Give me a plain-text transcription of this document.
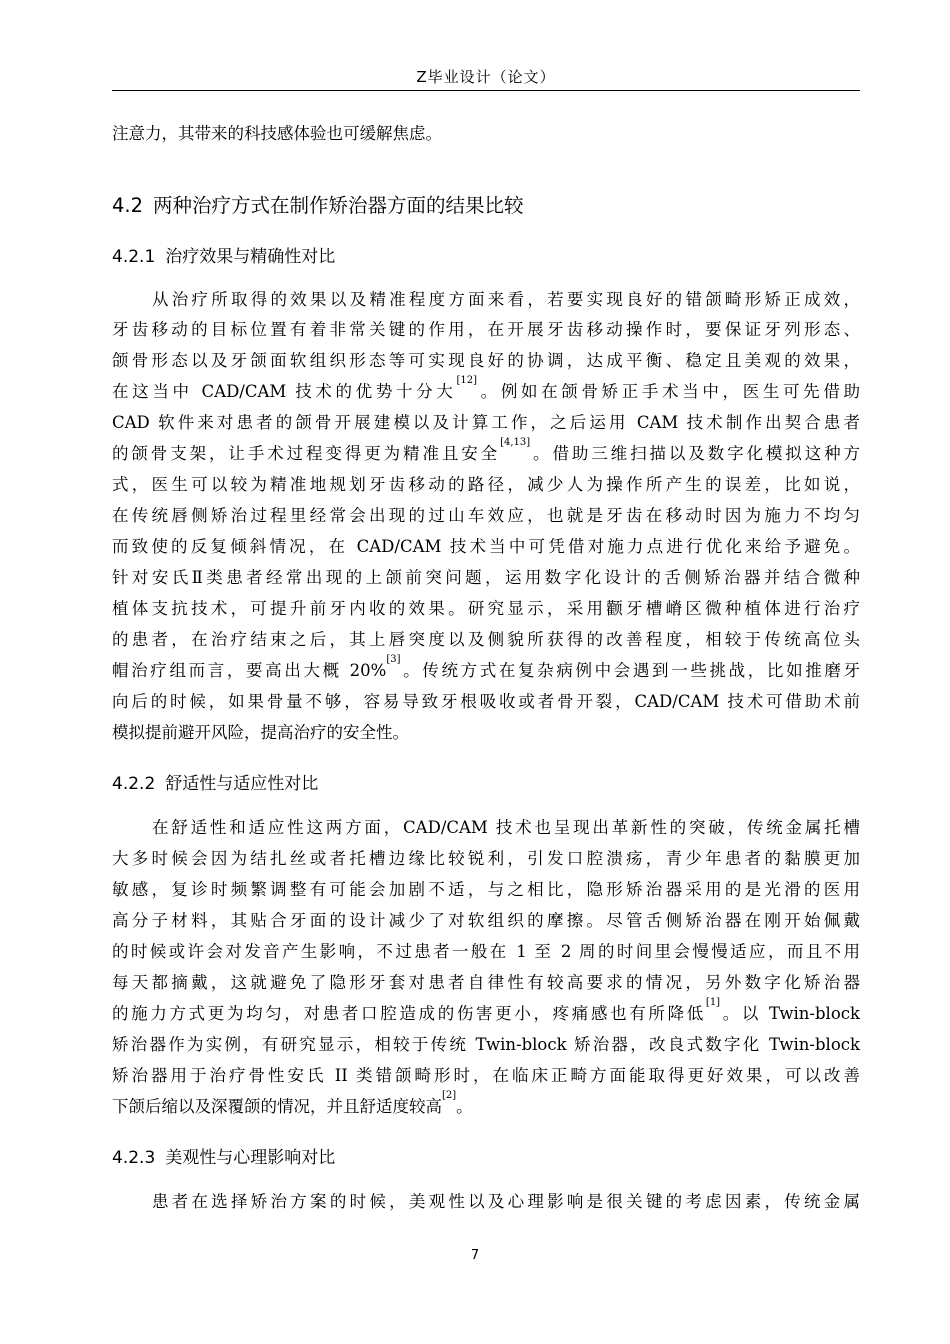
Z毕业设计（论文）
注意力，其带来的科技感体验也可缓解焦虑。
4.2 两种治疗方式在制作矫治器方面的结果比较
4.2.1 治疗效果与精确性对比
从治疗所取得的效果以及精准程度方面来看，若要实现良好的错颌畸形矫正成效，
牙齿移动的目标位置有着非常关键的作用，在开展牙齿移动操作时，要保证牙列形态、
颌骨形态以及牙颌面软组织形态等可实现良好的协调，达成平衡、稳定且美观的效果，
在这当中 CAD/CAM 技术的优势十分大[12]。例如在颌骨矫正手术当中，医生可先借助
CAD 软件来对患者的颌骨开展建模以及计算工作，之后运用 CAM 技术制作出契合患者
的颌骨支架，让手术过程变得更为精准且安全[4,13]。借助三维扫描以及数字化模拟这种方
式，医生可以较为精准地规划牙齿移动的路径，减少人为操作所产生的误差，比如说，
在传统唇侧矫治过程里经常会出现的过山车效应，也就是牙齿在移动时因为施力不均匀
而致使的反复倾斜情况，在 CAD/CAM 技术当中可凭借对施力点进行优化来给予避免。
针对安氏Ⅱ类患者经常出现的上颌前突问题，运用数字化设计的舌侧矫治器并结合微种
植体支抗技术，可提升前牙内收的效果。研究显示，采用颧牙槽嵴区微种植体进行治疗
的患者，在治疗结束之后，其上唇突度以及侧貌所获得的改善程度，相较于传统高位头
帽治疗组而言，要高出大概 20%[3]。传统方式在复杂病例中会遇到一些挑战，比如推磨牙
向后的时候，如果骨量不够，容易导致牙根吸收或者骨开裂，CAD/CAM 技术可借助术前
模拟提前避开风险，提高治疗的安全性。
4.2.2 舒适性与适应性对比
在舒适性和适应性这两方面，CAD/CAM 技术也呈现出革新性的突破，传统金属托槽
大多时候会因为结扎丝或者托槽边缘比较锐利，引发口腔溃疡，青少年患者的黏膜更加
敏感，复诊时频繁调整有可能会加剧不适，与之相比，隐形矫治器采用的是光滑的医用
高分子材料，其贴合牙面的设计减少了对软组织的摩擦。尽管舌侧矫治器在刚开始佩戴
的时候或许会对发音产生影响，不过患者一般在 1 至 2 周的时间里会慢慢适应，而且不用
每天都摘戴，这就避免了隐形牙套对患者自律性有较高要求的情况，另外数字化矫治器
的施力方式更为均匀，对患者口腔造成的伤害更小，疼痛感也有所降低[1]。以 Twin-block
矫治器作为实例，有研究显示，相较于传统 Twin-block 矫治器，改良式数字化 Twin-block
矫治器用于治疗骨性安氏 II 类错颌畸形时，在临床正畸方面能取得更好效果，可以改善
下颌后缩以及深覆颌的情况，并且舒适度较高[2]。
4.2.3 美观性与心理影响对比
患者在选择矫治方案的时候，美观性以及心理影响是很关键的考虑因素，传统金属
7
